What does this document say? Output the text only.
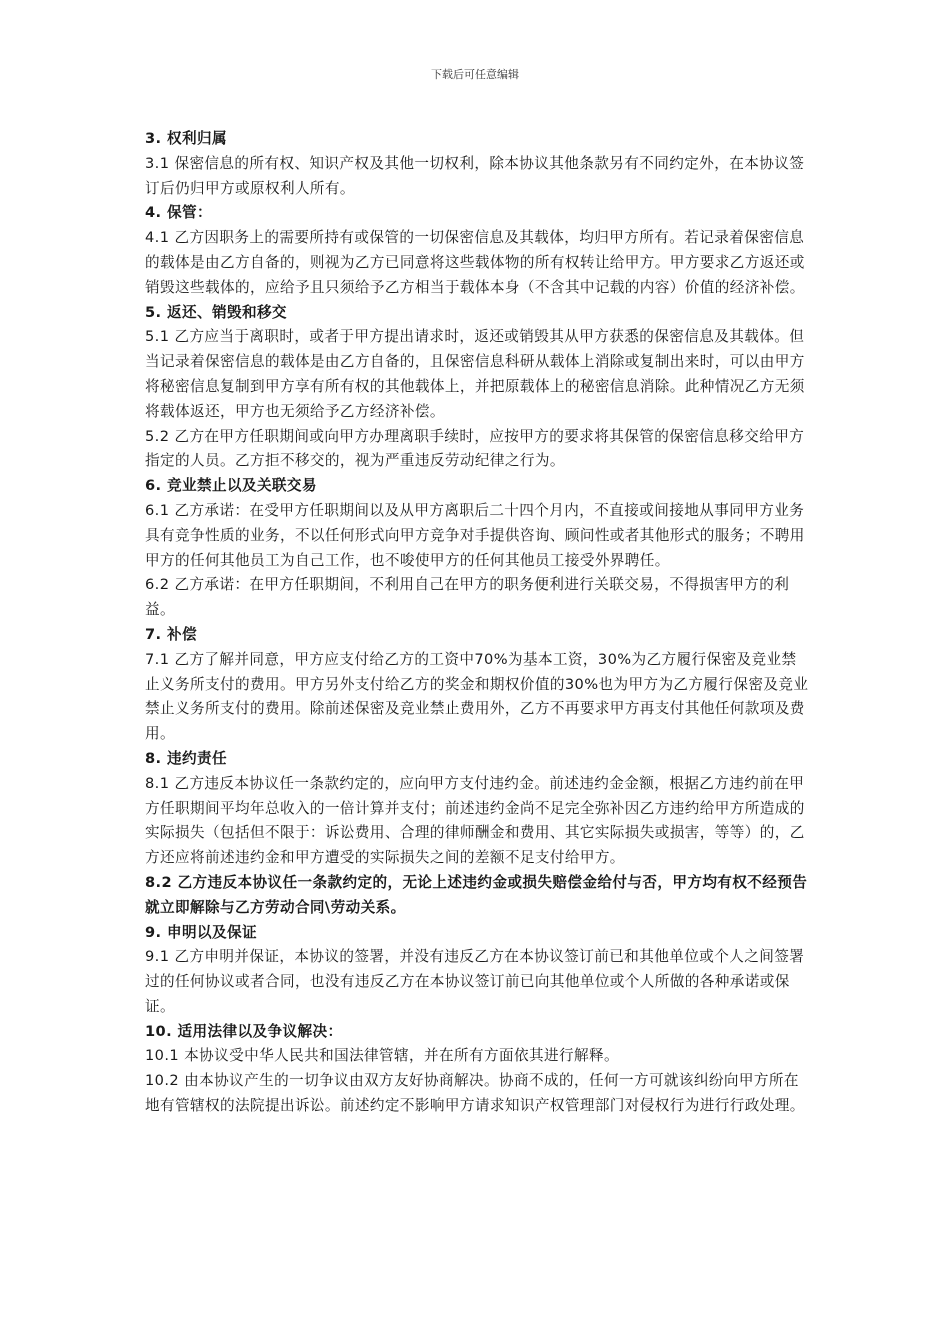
下载后可任意编辑

3. 权利归属

3.1 保密信息的所有权、知识产权及其他一切权利，除本协议其他条款另有不同约定外，在本协议签订后仍归甲方或原权利人所有。

4. 保管：

4.1 乙方因职务上的需要所持有或保管的一切保密信息及其载体，均归甲方所有。若记录着保密信息的载体是由乙方自备的，则视为乙方已同意将这些载体物的所有权转让给甲方。甲方要求乙方返还或销毁这些载体的，应给予且只须给予乙方相当于载体本身（不含其中记载的内容）价值的经济补偿。

5. 返还、销毁和移交

5.1 乙方应当于离职时，或者于甲方提出请求时，返还或销毁其从甲方获悉的保密信息及其载体。但当记录着保密信息的载体是由乙方自备的，且保密信息科研从载体上消除或复制出来时，可以由甲方将秘密信息复制到甲方享有所有权的其他载体上，并把原载体上的秘密信息消除。此种情况乙方无须将载体返还，甲方也无须给予乙方经济补偿。

5.2 乙方在甲方任职期间或向甲方办理离职手续时，应按甲方的要求将其保管的保密信息移交给甲方指定的人员。乙方拒不移交的，视为严重违反劳动纪律之行为。

6. 竞业禁止以及关联交易

6.1 乙方承诺：在受甲方任职期间以及从甲方离职后二十四个月内，不直接或间接地从事同甲方业务具有竞争性质的业务，不以任何形式向甲方竞争对手提供咨询、顾问性或者其他形式的服务；不聘用甲方的任何其他员工为自己工作，也不唆使甲方的任何其他员工接受外界聘任。

6.2 乙方承诺：在甲方任职期间，不利用自己在甲方的职务便利进行关联交易，不得损害甲方的利益。

7. 补偿

7.1 乙方了解并同意，甲方应支付给乙方的工资中70%为基本工资，30%为乙方履行保密及竞业禁止义务所支付的费用。甲方另外支付给乙方的奖金和期权价值的30%也为甲方为乙方履行保密及竞业禁止义务所支付的费用。除前述保密及竞业禁止费用外，乙方不再要求甲方再支付其他任何款项及费用。

8. 违约责任

8.1 乙方违反本协议任一条款约定的，应向甲方支付违约金。前述违约金金额，根据乙方违约前在甲方任职期间平均年总收入的一倍计算并支付；前述违约金尚不足完全弥补因乙方违约给甲方所造成的实际损失（包括但不限于：诉讼费用、合理的律师酬金和费用、其它实际损失或损害，等等）的，乙方还应将前述违约金和甲方遭受的实际损失之间的差额不足支付给甲方。

8.2 乙方违反本协议任一条款约定的，无论上述违约金或损失赔偿金给付与否，甲方均有权不经预告就立即解除与乙方劳动合同\劳动关系。

9. 申明以及保证

9.1 乙方申明并保证，本协议的签署，并没有违反乙方在本协议签订前已和其他单位或个人之间签署过的任何协议或者合同，也没有违反乙方在本协议签订前已向其他单位或个人所做的各种承诺或保证。

10. 适用法律以及争议解决：

10.1 本协议受中华人民共和国法律管辖，并在所有方面依其进行解释。

10.2 由本协议产生的一切争议由双方友好协商解决。协商不成的，任何一方可就该纠纷向甲方所在地有管辖权的法院提出诉讼。前述约定不影响甲方请求知识产权管理部门对侵权行为进行行政处理。
